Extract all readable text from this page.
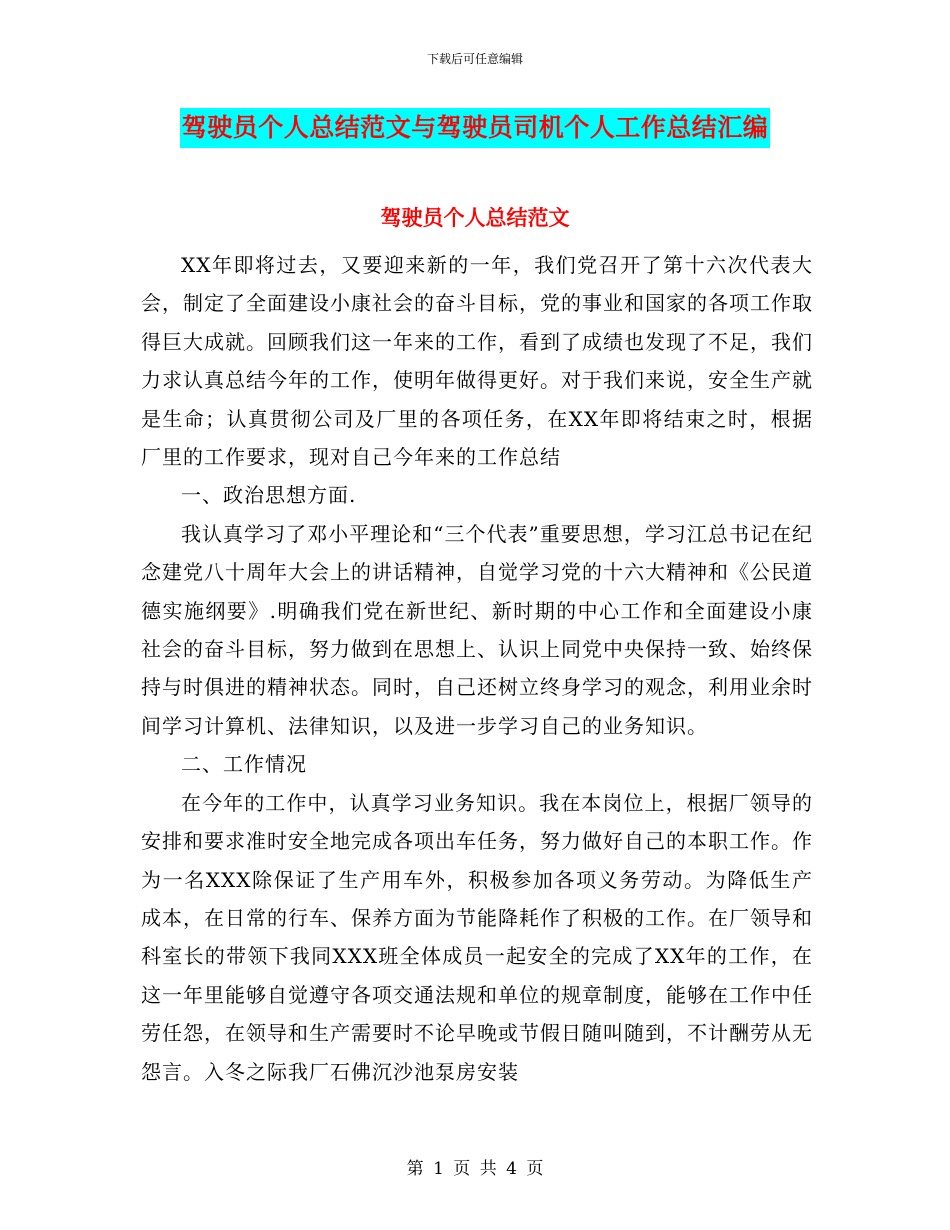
下载后可任意编辑
驾驶员个人总结范文与驾驶员司机个人工作总结汇编
驾驶员个人总结范文

XX年即将过去，又要迎来新的一年，我们党召开了第十六次代表大会，制定了全面建设小康社会的奋斗目标，党的事业和国家的各项工作取得巨大成就。回顾我们这一年来的工作，看到了成绩也发现了不足，我们力求认真总结今年的工作，使明年做得更好。对于我们来说，安全生产就是生命；认真贯彻公司及厂里的各项任务，在XX年即将结束之时，根据厂里的工作要求，现对自己今年来的工作总结

一、政治思想方面.

我认真学习了邓小平理论和“三个代表”重要思想，学习江总书记在纪念建党八十周年大会上的讲话精神，自觉学习党的十六大精神和《公民道德实施纲要》.明确我们党在新世纪、新时期的中心工作和全面建设小康社会的奋斗目标，努力做到在思想上、认识上同党中央保持一致、始终保持与时俱进的精神状态。同时，自己还树立终身学习的观念，利用业余时间学习计算机、法律知识，以及进一步学习自己的业务知识。

二、工作情况

在今年的工作中，认真学习业务知识。我在本岗位上，根据厂领导的安排和要求准时安全地完成各项出车任务，努力做好自己的本职工作。作为一名XXX除保证了生产用车外，积极参加各项义务劳动。为降低生产成本，在日常的行车、保养方面为节能降耗作了积极的工作。在厂领导和科室长的带领下我同XXX班全体成员一起安全的完成了XX年的工作，在这一年里能够自觉遵守各项交通法规和单位的规章制度，能够在工作中任劳任怨，在领导和生产需要时不论早晚或节假日随叫随到，不计酬劳从无怨言。入冬之际我厂石佛沉沙池泵房安装

第 1 页 共 4 页
